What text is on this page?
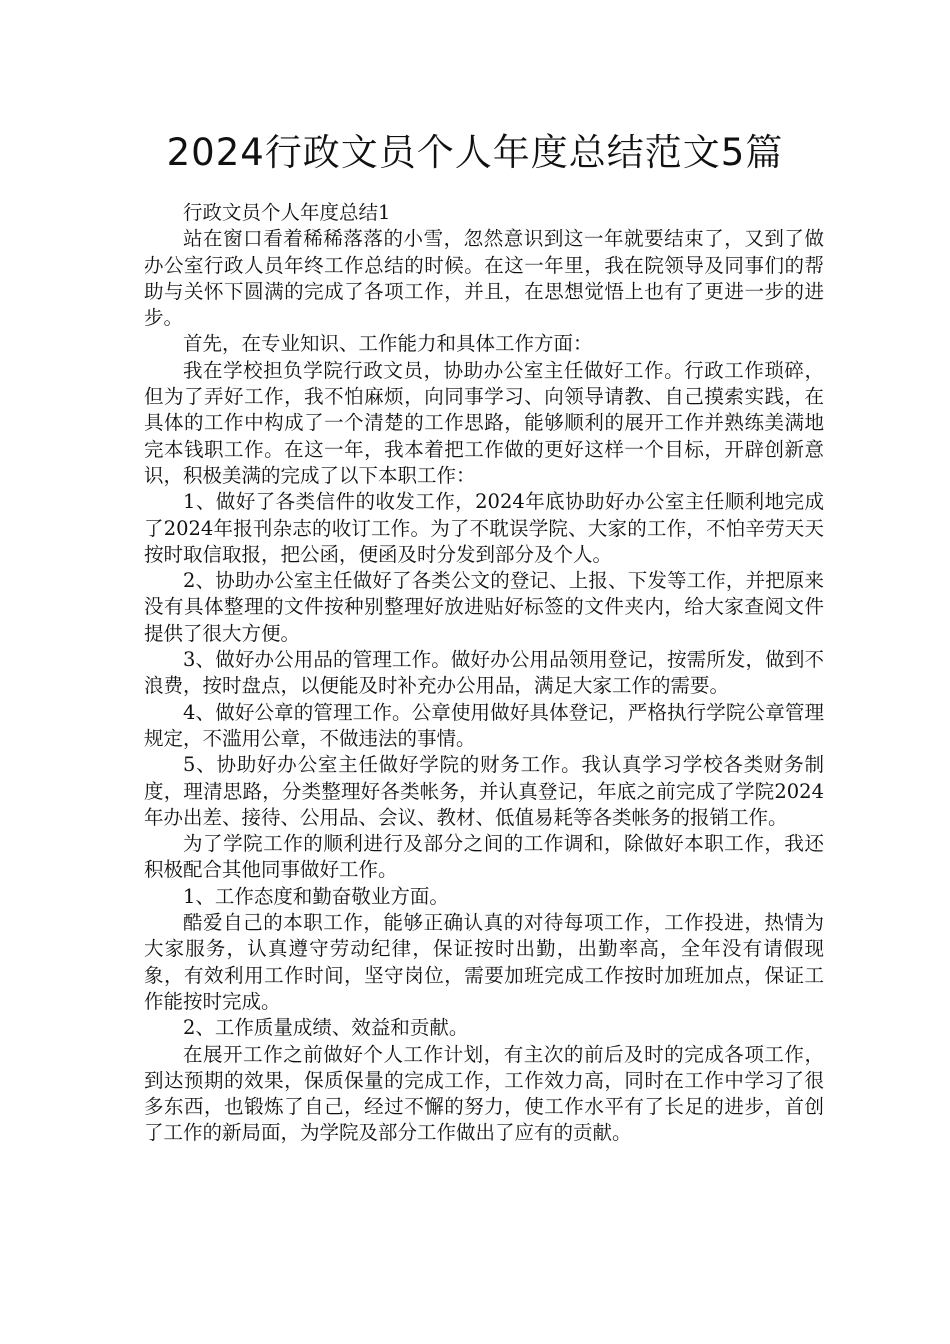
2024行政文员个人年度总结范文5篇

行政文员个人年度总结1

站在窗口看着稀稀落落的小雪，忽然意识到这一年就要结束了，又到了做办公室行政人员年终工作总结的时候。在这一年里，我在院领导及同事们的帮助与关怀下圆满的完成了各项工作，并且，在思想觉悟上也有了更进一步的进步。

首先，在专业知识、工作能力和具体工作方面：

我在学校担负学院行政文员，协助办公室主任做好工作。行政工作琐碎，但为了弄好工作，我不怕麻烦，向同事学习、向领导请教、自己摸索实践，在具体的工作中构成了一个清楚的工作思路，能够顺利的展开工作并熟练美满地完本钱职工作。在这一年，我本着把工作做的更好这样一个目标，开辟创新意识，积极美满的完成了以下本职工作：

1、做好了各类信件的收发工作，2024年底协助好办公室主任顺利地完成了2024年报刊杂志的收订工作。为了不耽误学院、大家的工作，不怕辛劳天天按时取信取报，把公函，便函及时分发到部分及个人。

2、协助办公室主任做好了各类公文的登记、上报、下发等工作，并把原来没有具体整理的文件按种别整理好放进贴好标签的文件夹内，给大家查阅文件提供了很大方便。

3、做好办公用品的管理工作。做好办公用品领用登记，按需所发，做到不浪费，按时盘点，以便能及时补充办公用品，满足大家工作的需要。

4、做好公章的管理工作。公章使用做好具体登记，严格执行学院公章管理规定，不滥用公章，不做违法的事情。

5、协助好办公室主任做好学院的财务工作。我认真学习学校各类财务制度，理清思路，分类整理好各类帐务，并认真登记，年底之前完成了学院2024年办出差、接待、公用品、会议、教材、低值易耗等各类帐务的报销工作。

为了学院工作的顺利进行及部分之间的工作调和，除做好本职工作，我还积极配合其他同事做好工作。

1、工作态度和勤奋敬业方面。

酷爱自己的本职工作，能够正确认真的对待每项工作，工作投进，热情为大家服务，认真遵守劳动纪律，保证按时出勤，出勤率高，全年没有请假现象，有效利用工作时间，坚守岗位，需要加班完成工作按时加班加点，保证工作能按时完成。

2、工作质量成绩、效益和贡献。

在展开工作之前做好个人工作计划，有主次的前后及时的完成各项工作，到达预期的效果，保质保量的完成工作，工作效力高，同时在工作中学习了很多东西，也锻炼了自己，经过不懈的努力，使工作水平有了长足的进步，首创了工作的新局面，为学院及部分工作做出了应有的贡献。
